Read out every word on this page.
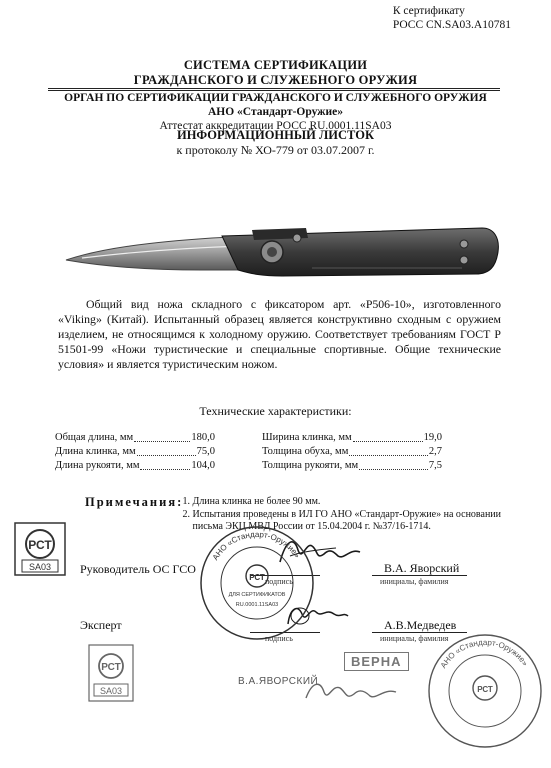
К сертификату
РОСС CN.SA03.A10781
СИСТЕМА СЕРТИФИКАЦИИ
ГРАЖДАНСКОГО И СЛУЖЕБНОГО ОРУЖИЯ
ОРГАН ПО СЕРТИФИКАЦИИ ГРАЖДАНСКОГО И СЛУЖЕБНОГО ОРУЖИЯ
АНО «Стандарт-Оружие»
Аттестат аккредитации РОСС RU.0001.11SA03
ИНФОРМАЦИОННЫЙ ЛИСТОК
к протоколу № ХО-779 от 03.07.2007 г.

Общий вид ножа складного с фиксатором арт. «P506-10», изготовленного «Viking» (Китай). Испытанный образец является конструктивно сходным с оружием изделием, не относящимся к холодному оружию. Соответствует требованиям ГОСТ Р 51501-99 «Ножи туристические и специальные спортивные. Общие технические условия» и является туристическим ножом.

Технические характеристики:
Общая длина, мм	180,0
Длина клинка, мм	75,0
Длина рукояти, мм	104,0
Ширина клинка, мм	19,0
Толщина обуха, мм	2,7
Толщина рукояти, мм	7,5
Примечания: 1. Длина клинка не более 90 мм.
2. Испытания проведены в ИЛ ГО АНО «Стандарт-Оружие» на основании
письма ЭКЦ МВД России от 15.04.2004 г. №37/16-1714.
РСТ
SA03
РСТ
SA03
Руководитель ОС ГСО
подпись
В.А. Яворский
инициалы, фамилия
Эксперт
подпись
А.В.Медведев
инициалы, фамилия
АНО «Стандарт-Оружие»
РСТ
ДЛЯ СЕРТИФИКАТОВ
RU.0001.11SA03
ВЕРНА
В.А.ЯВОРСКИЙ
АНО «Стандарт-Оружие»
РСТ
